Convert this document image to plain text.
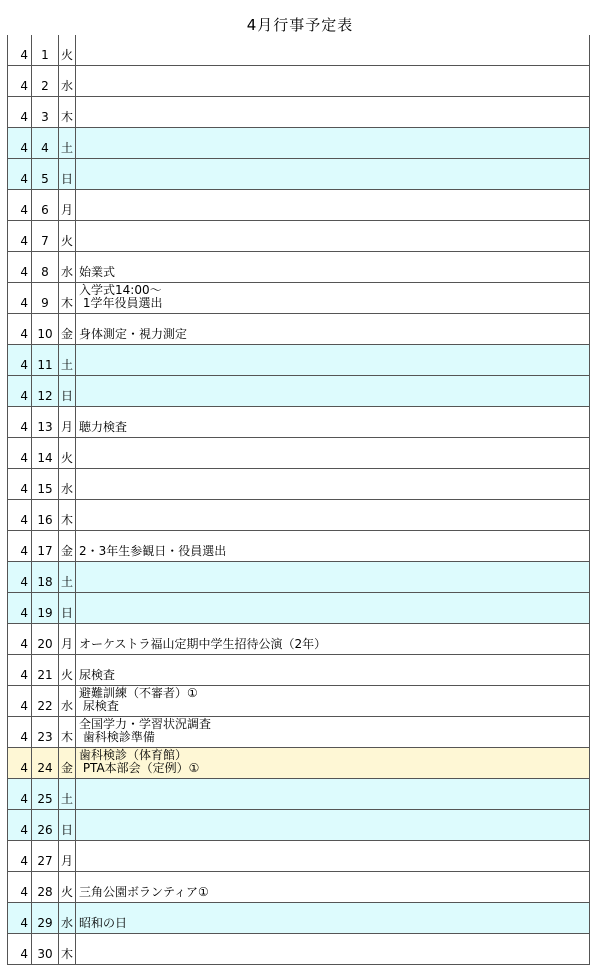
4月行事予定表
4	1	火
4	2	水
4	3	木
4	4	土
4	5	日
4	6	月
4	7	火
4	8	水 始業式
4	9	木
入学式14:00～
1学年役員選出
4 10 金 身体測定・視力測定
4 11 土
4 12 日
4 13 月 聴力検査
4 14 火
4 15 水
4 16 木
4 17 金 2・3年生参観日・役員選出
4 18 土
4 19 日
4 20 月 オーケストラ福山定期中学生招待公演（2年）
4 21 火 尿検査
4 22 水
避難訓練（不審者）①
尿検査
4 23 木
全国学力・学習状況調査
歯科検診準備
4 24 金
歯科検診（体育館）
PTA本部会（定例）①
4 25 土
4 26 日
4 27 月
4 28 火 三角公園ボランティア①
4 29 水 昭和の日
4 30 木
